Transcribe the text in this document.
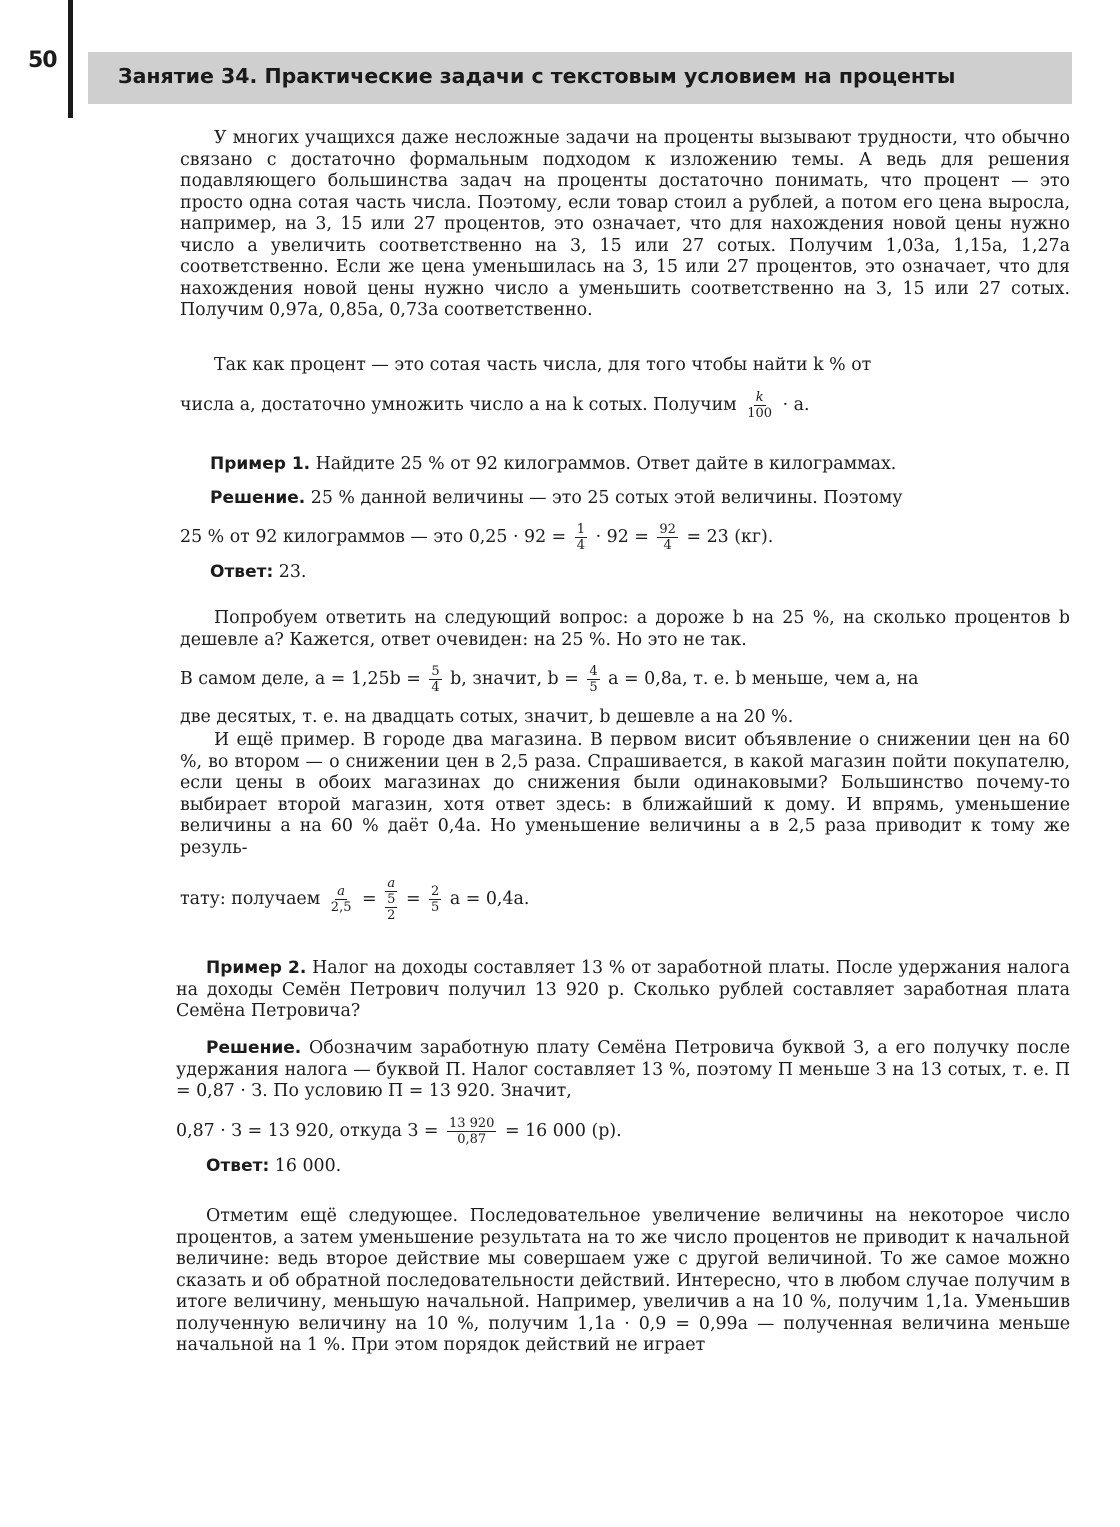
50
Занятие 34. Практические задачи с текстовым условием на проценты
У многих учащихся даже несложные задачи на проценты вызывают трудности, что обычно связано с достаточно формальным подходом к изложению темы. А ведь для решения подавляющего большинства задач на проценты достаточно понимать, что процент — это просто одна сотая часть числа. Поэтому, если товар стоил a рублей, а потом его цена выросла, например, на 3, 15 или 27 процентов, это означает, что для нахождения новой цены нужно число a увеличить соответственно на 3, 15 или 27 сотых. Получим 1,03a, 1,15a, 1,27a соответственно. Если же цена уменьшилась на 3, 15 или 27 процентов, это означает, что для нахождения новой цены нужно число a уменьшить соответственно на 3, 15 или 27 сотых. Получим 0,97a, 0,85a, 0,73a соответственно.
Так как процент — это сотая часть числа, для того чтобы найти k % от
числа a, достаточно умножить число a на k сотых. Получим $\frac{k}{100} \cdot a$.
Пример 1. Найдите 25 % от 92 килограммов. Ответ дайте в килограммах.
Решение. 25 % данной величины — это 25 сотых этой величины. Поэтому
25 % от 92 килограммов — это $0,25 \cdot 92 = \frac{1}{4} \cdot 92 = \frac{92}{4} = 23$ (кг).
Ответ: 23.
Попробуем ответить на следующий вопрос: a дороже b на 25 %, на сколько процентов b дешевле a? Кажется, ответ очевиден: на 25 %. Но это не так.
В самом деле, $a = 1,25b = \frac{5}{4} b$, значит, $b = \frac{4}{5}$ a = 0,8a, т. е. b меньше, чем a, на
две десятых, т. е. на двадцать сотых, значит, b дешевле a на 20 %.
И ещё пример. В городе два магазина. В первом висит объявление о снижении цен на 60 %, во втором — о снижении цен в 2,5 раза. Спрашивается, в какой магазин пойти покупателю, если цены в обоих магазинах до снижения были одинаковыми? Большинство почему-то выбирает второй магазин, хотя ответ здесь: в ближайший к дому. И впрямь, уменьшение величины a на 60 % даёт 0,4a. Но уменьшение величины a в 2,5 раза приводит к тому же резуль-
тату: получаем $\frac{a}{2,5} = \frac{a}{\frac{5}{2}} = \frac{2}{5}$ a = 0,4a.
Пример 2. Налог на доходы составляет 13 % от заработной платы. После удержания налога на доходы Семён Петрович получил 13 920 р. Сколько рублей составляет заработная плата Семёна Петровича?
Решение. Обозначим заработную плату Семёна Петровича буквой З, а его получку после удержания налога — буквой П. Налог составляет 13 %, поэтому П меньше З на 13 сотых, т. е. П = 0,87 · З. По условию П = 13 920. Значит,
0,87 · З = 13 920, откуда $З = \frac{13 920}{0,87} = 16$ 000 (р).
Ответ: 16 000.
Отметим ещё следующее. Последовательное увеличение величины на некоторое число процентов, а затем уменьшение результата на то же число процентов не приводит к начальной величине: ведь второе действие мы совершаем уже с другой величиной. То же самое можно сказать и об обратной последовательности действий. Интересно, что в любом случае получим в итоге величину, меньшую начальной. Например, увеличив a на 10 %, получим 1,1a. Уменьшив полученную величину на 10 %, получим 1,1a · 0,9 = 0,99a — полученная величина меньше начальной на 1 %. При этом порядок действий не играет
